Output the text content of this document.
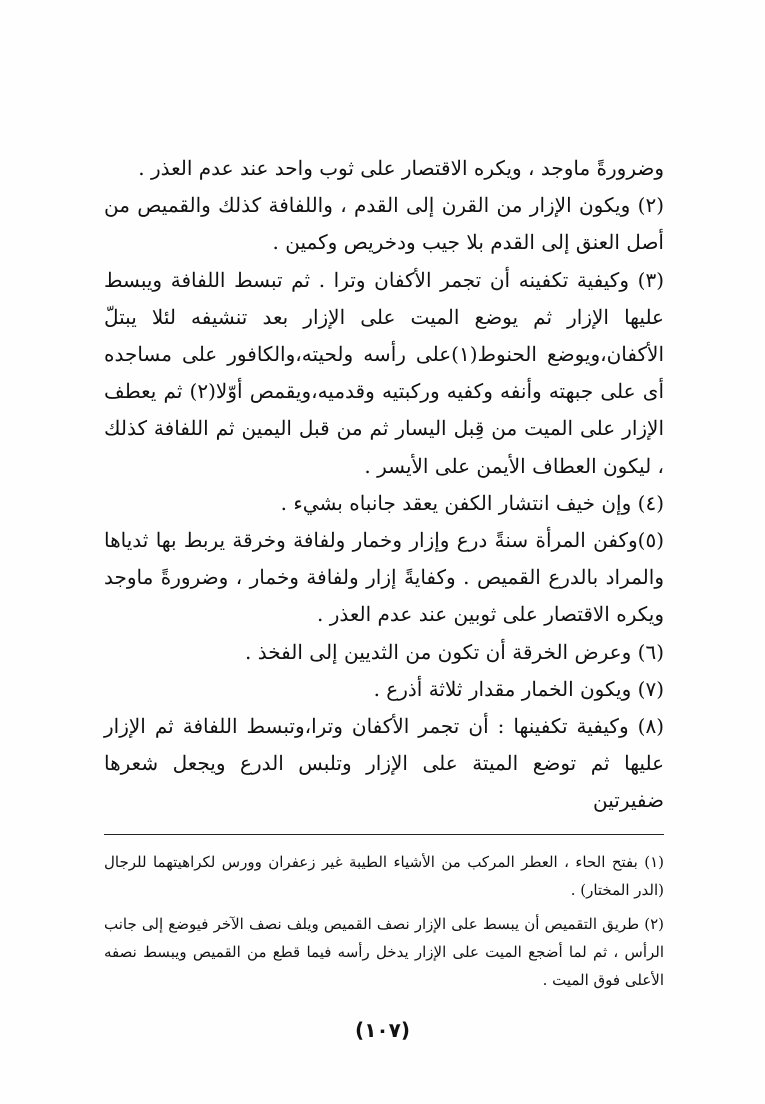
وضرورةً ماوجد ، ويكره الاقتصار على ثوب واحد عند عدم العذر .

(٢) ويكون الإزار من القرن إلى القدم ، واللفافة كذلك والقميص من أصل العنق إلى القدم بلا جيب ودخريص وكمين .

(٣) وكيفية تكفينه أن تجمر الأكفان وترا . ثم تبسط اللفافة ويبسط عليها الإزار ثم يوضع الميت على الإزار بعد تنشيفه لئلا يبتلّ الأكفان،ويوضع الحنوط(١)على رأسه ولحيته،والكافور على مساجده أى على جبهته وأنفه وكفيه وركبتيه وقدميه،ويقمص أوّلا(٢) ثم يعطف الإزار على الميت من قِبل اليسار ثم من قبل اليمين ثم اللفافة كذلك ، ليكون العطاف الأيمن على الأيسر .

(٤) وإن خيف انتشار الكفن يعقد جانباه بشيء .

(٥)وكفن المرأة سنةً درع وإزار وخمار ولفافة وخرقة يربط بها ثدياها والمراد بالدرع القميص . وكفايةً إزار ولفافة وخمار ، وضرورةً ماوجد ويكره الاقتصار على ثوبين عند عدم العذر .

(٦) وعرض الخرقة أن تكون من الثديين إلى الفخذ .

(٧) ويكون الخمار مقدار ثلاثة أذرع .

(٨) وكيفية تكفينها : أن تجمر الأكفان وترا،وتبسط اللفافة ثم الإزار عليها ثم توضع الميتة على الإزار وتلبس الدرع ويجعل شعرها ضفيرتين

(١) بفتح الحاء ، العطر المركب من الأشياء الطيبة غير زعفران وورس لكراهيتهما للرجال (الدر المختار) .

(٢) طريق التقميص أن يبسط على الإزار نصف القميص ويلف نصف الآخر فيوضع إلى جانب الرأس ، ثم لما أضجع الميت على الإزار يدخل رأسه فيما قطع من القميص ويبسط نصفه الأعلى فوق الميت .

(١٠٧)
